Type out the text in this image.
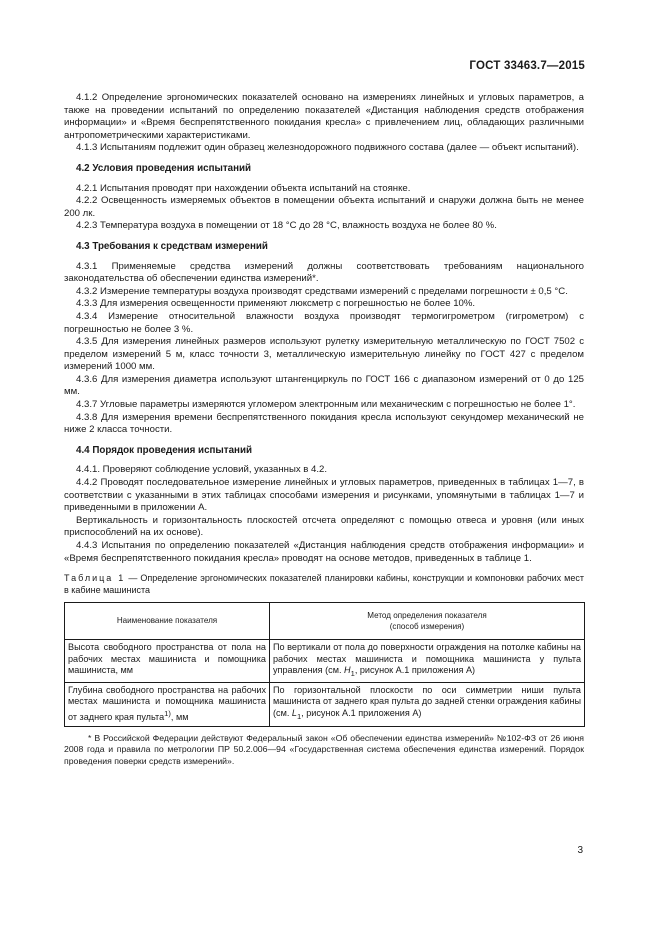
ГОСТ 33463.7—2015

4.1.2 Определение эргономических показателей основано на измерениях линейных и угловых параметров, а также на проведении испытаний по определению показателей «Дистанция наблюдения средств отображения информации» и «Время беспрепятственного покидания кресла» с привлечением лиц, обладающих различными антропометрическими характеристиками.

4.1.3 Испытаниям подлежит один образец железнодорожного подвижного состава (далее — объект испытаний).

4.2 Условия проведения испытаний

4.2.1 Испытания проводят при нахождении объекта испытаний на стоянке.

4.2.2 Освещенность измеряемых объектов в помещении объекта испытаний и снаружи должна быть не менее 200 лк.

4.2.3 Температура воздуха в помещении от 18 °С до 28 °С, влажность воздуха не более 80 %.

4.3 Требования к средствам измерений

4.3.1 Применяемые средства измерений должны соответствовать требованиям национального законодательства об обеспечении единства измерений*.

4.3.2 Измерение температуры воздуха производят средствами измерений с пределами погрешности ± 0,5 °С.

4.3.3 Для измерения освещенности применяют люксметр с погрешностью не более 10%.

4.3.4 Измерение относительной влажности воздуха производят термогигрометром (гигрометром) с погрешностью не более 3 %.

4.3.5 Для измерения линейных размеров используют рулетку измерительную металлическую по ГОСТ 7502 с пределом измерений 5 м, класс точности 3, металлическую измерительную линейку по ГОСТ 427 с пределом измерений 1000 мм.

4.3.6 Для измерения диаметра используют штангенциркуль по ГОСТ 166 с диапазоном измерений от 0 до 125 мм.

4.3.7 Угловые параметры измеряются угломером электронным или механическим с погрешностью не более 1°.

4.3.8 Для измерения времени беспрепятственного покидания кресла используют секундомер механический не ниже 2 класса точности.

4.4 Порядок проведения испытаний

4.4.1. Проверяют соблюдение условий, указанных в 4.2.

4.4.2 Проводят последовательное измерение линейных и угловых параметров, приведенных в таблицах 1—7, в соответствии с указанными в этих таблицах способами измерения и рисунками, упомянутыми в таблицах 1—7 и приведенными в приложении А.

Вертикальность и горизонтальность плоскостей отсчета определяют с помощью отвеса и уровня (или иных приспособлений на их основе).

4.4.3 Испытания по определению показателей «Дистанция наблюдения средств отображения информации» и «Время беспрепятственного покидания кресла» проводят на основе методов, приведенных в таблице 1.

Таблица 1 — Определение эргономических показателей планировки кабины, конструкции и компоновки рабочих мест в кабине машиниста

Наименование показателя	Метод определения показателя
(способ измерения)
Высота свободного пространства от пола на рабочих местах машиниста и помощника машиниста, мм	По вертикали от пола до поверхности ограждения на потолке кабины на рабочих местах машиниста и помощника машиниста у пульта управления (см. $H_1$, рисунок А.1 приложения А)
Глубина свободного пространства на рабочих местах машиниста и помощника машиниста от заднего края пульта$^{1)}$, мм	По горизонтальной плоскости по оси симметрии ниши пульта машиниста от заднего края пульта до задней стенки ограждения кабины (см. $L_1$, рисунок А.1 приложения А)

* В Российской Федерации действуют Федеральный закон «Об обеспечении единства измерений» №102-ФЗ от 26 июня 2008 года и правила по метрологии ПР 50.2.006—94 «Государственная система обеспечения единства измерений. Порядок проведения поверки средств измерений».

3
